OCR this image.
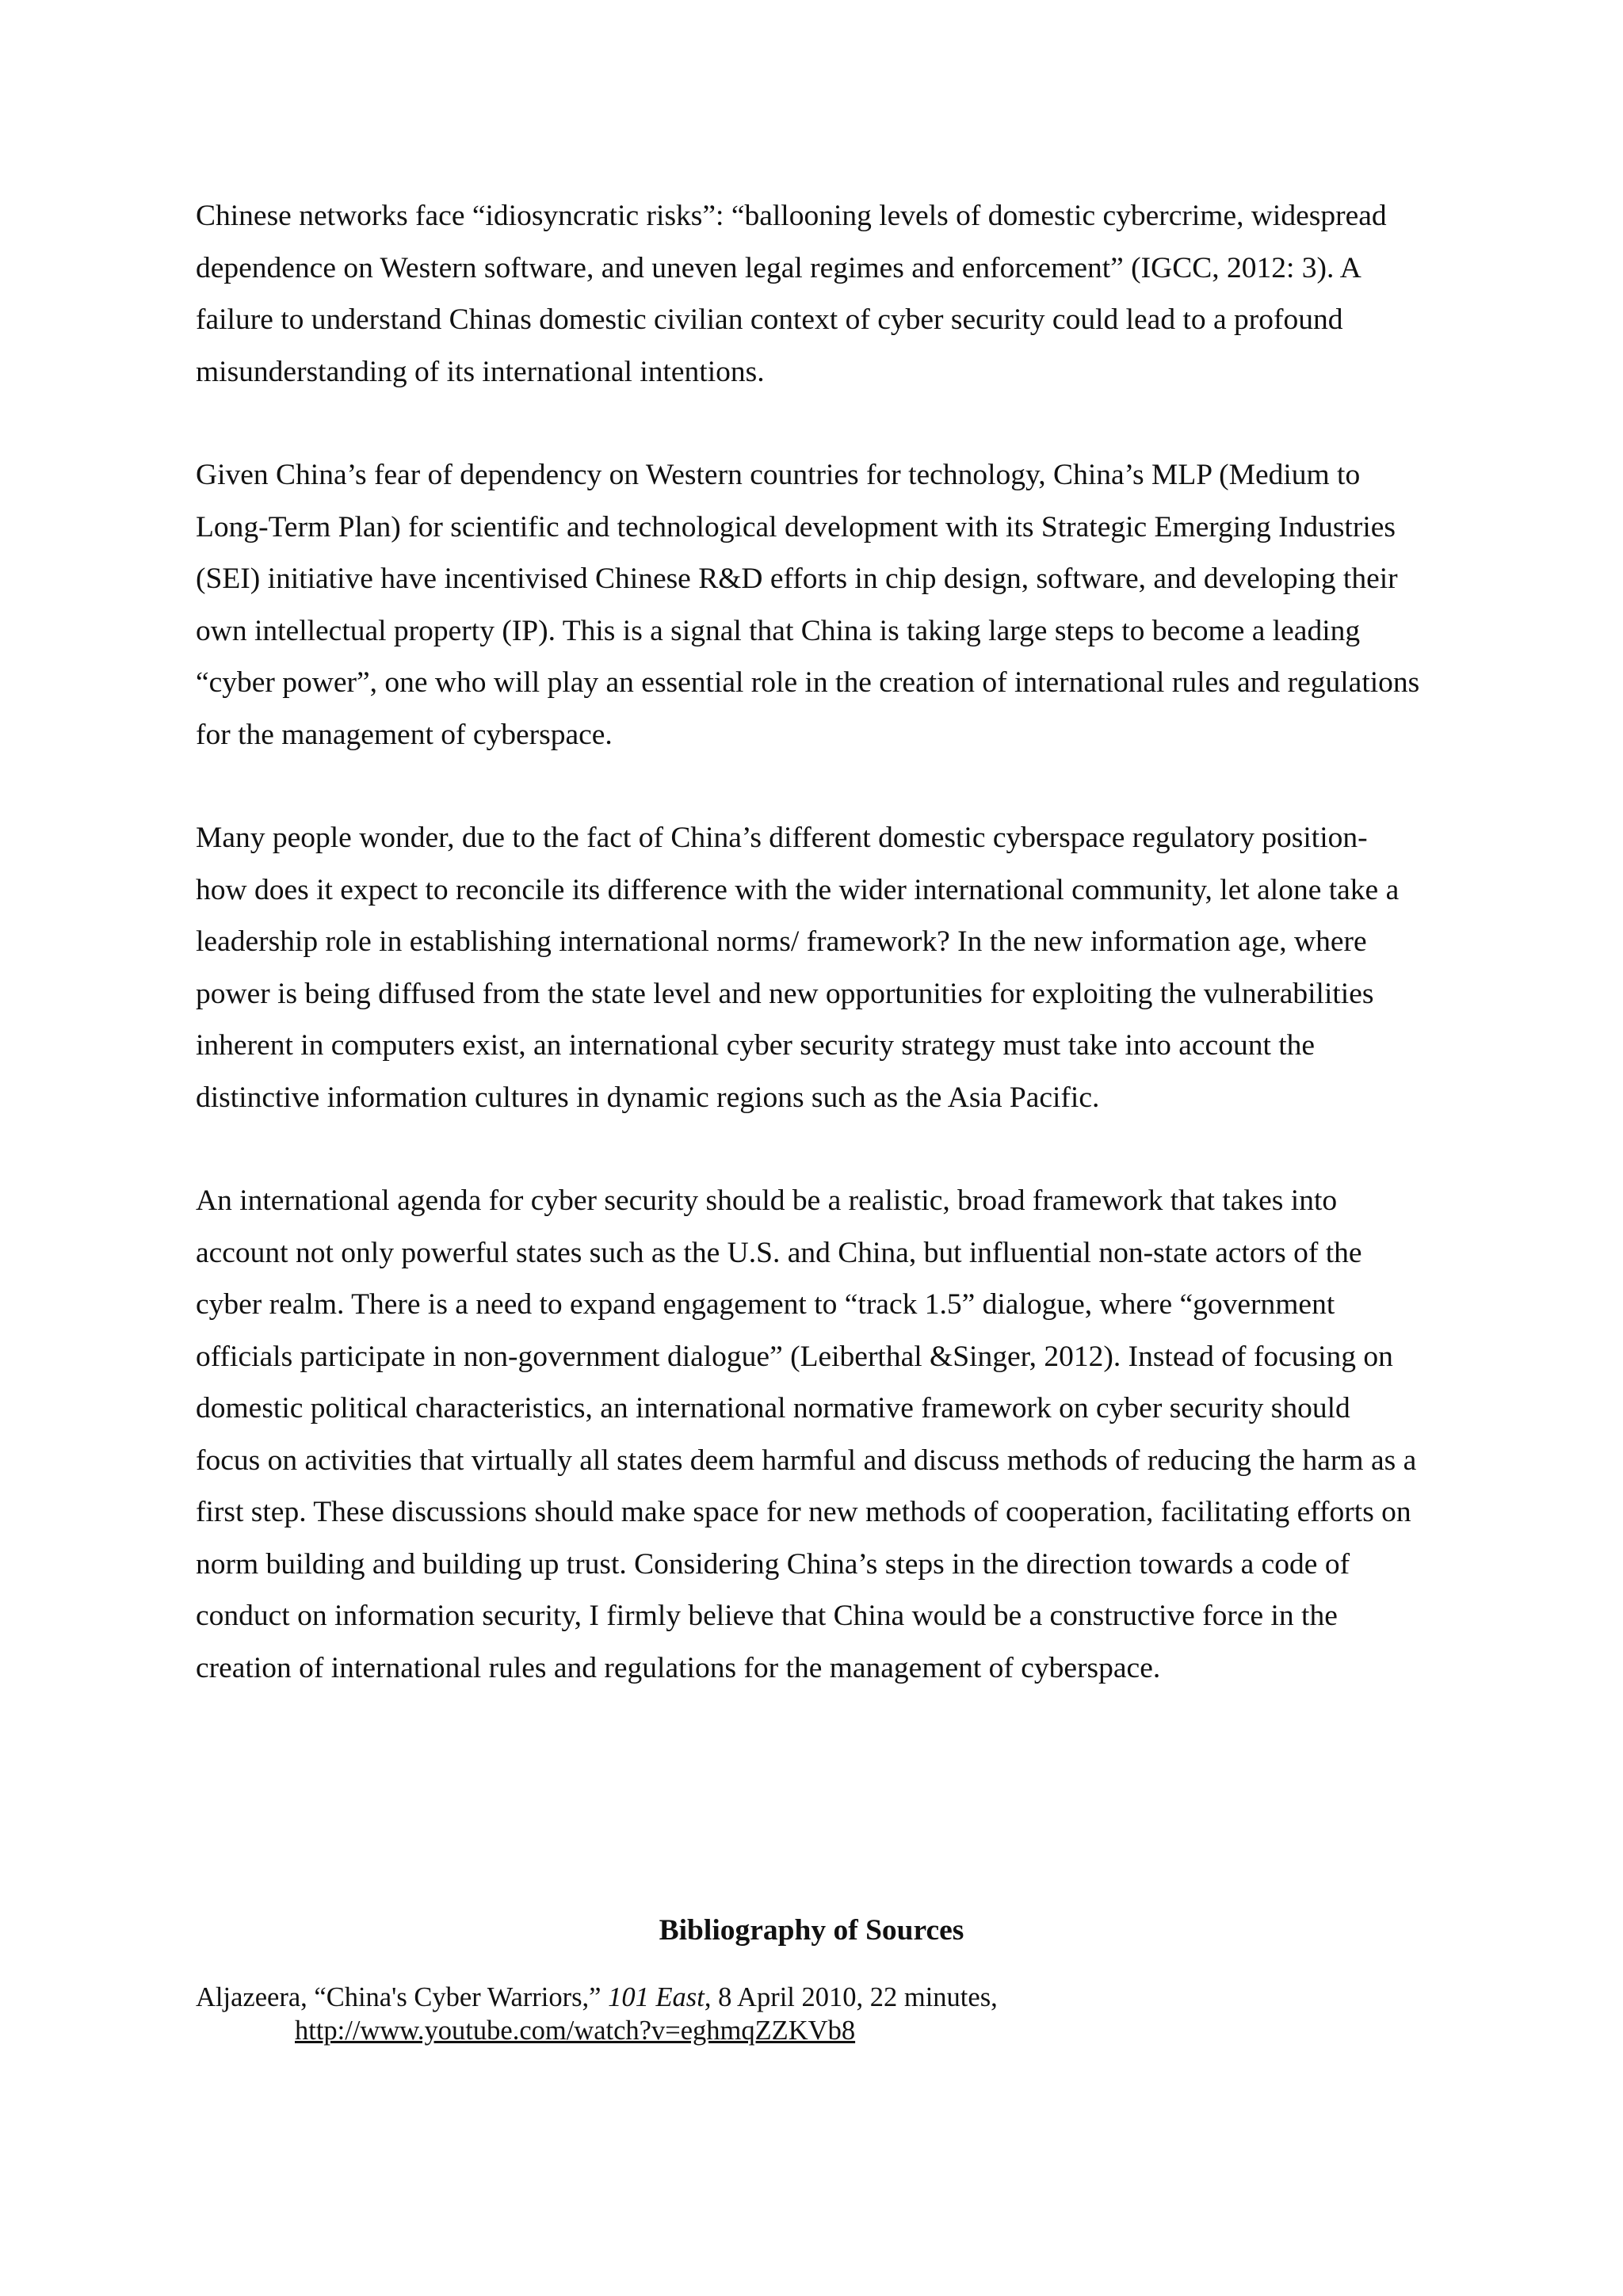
Chinese networks face “idiosyncratic risks”: “ballooning levels of domestic cybercrime, widespread
dependence on Western software, and uneven legal regimes and enforcement” (IGCC, 2012: 3). A
failure to understand Chinas domestic civilian context of cyber security could lead to a profound
misunderstanding of its international intentions.

Given China’s fear of dependency on Western countries for technology, China’s MLP (Medium to
Long-Term Plan) for scientific and technological development with its Strategic Emerging Industries
(SEI) initiative have incentivised Chinese R&D efforts in chip design, software, and developing their
own intellectual property (IP). This is a signal that China is taking large steps to become a leading
“cyber power”, one who will play an essential role in the creation of international rules and regulations
for the management of cyberspace.

Many people wonder, due to the fact of China’s different domestic cyberspace regulatory position-
how does it expect to reconcile its difference with the wider international community, let alone take a
leadership role in establishing international norms/ framework? In the new information age, where
power is being diffused from the state level and new opportunities for exploiting the vulnerabilities
inherent in computers exist, an international cyber security strategy must take into account the
distinctive information cultures in dynamic regions such as the Asia Pacific.

An international agenda for cyber security should be a realistic, broad framework that takes into
account not only powerful states such as the U.S. and China, but influential non-state actors of the
cyber realm. There is a need to expand engagement to “track 1.5” dialogue, where “government
officials participate in non-government dialogue” (Leiberthal &Singer, 2012). Instead of focusing on
domestic political characteristics, an international normative framework on cyber security should
focus on activities that virtually all states deem harmful and discuss methods of reducing the harm as a
first step. These discussions should make space for new methods of cooperation, facilitating efforts on
norm building and building up trust. Considering China’s steps in the direction towards a code of
conduct on information security, I firmly believe that China would be a constructive force in the
creation of international rules and regulations for the management of cyberspace.

Bibliography of Sources

Aljazeera, “China's Cyber Warriors,” 101 East, 8 April 2010, 22 minutes,
http://www.youtube.com/watch?v=eghmqZZKVb8
